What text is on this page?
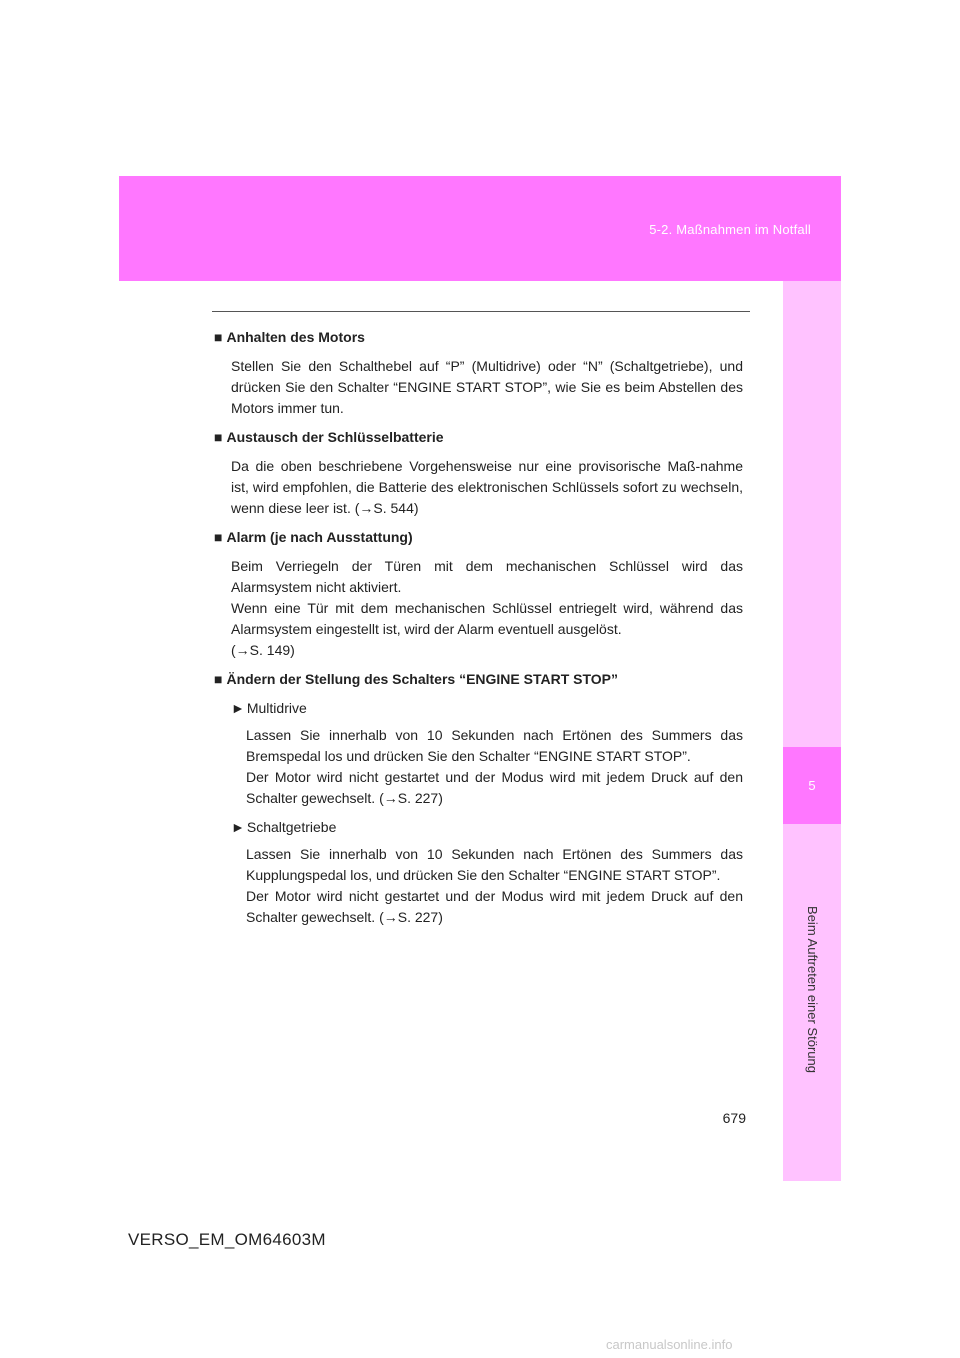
5-2. Maßnahmen im Notfall
5
Beim Auftreten einer Störung
■ Anhalten des Motors

Stellen Sie den Schalthebel auf “P” (Multidrive) oder “N” (Schaltgetriebe), und drücken Sie den Schalter “ENGINE START STOP”, wie Sie es beim Abstellen des Motors immer tun.

■ Austausch der Schlüsselbatterie

Da die oben beschriebene Vorgehensweise nur eine provisorische Maß-nahme ist, wird empfohlen, die Batterie des elektronischen Schlüssels sofort zu wechseln, wenn diese leer ist. (→S. 544)

■ Alarm (je nach Ausstattung)

Beim Verriegeln der Türen mit dem mechanischen Schlüssel wird das Alarmsystem nicht aktiviert.

Wenn eine Tür mit dem mechanischen Schlüssel entriegelt wird, während das Alarmsystem eingestellt ist, wird der Alarm eventuell ausgelöst.

(→S. 149)

■ Ändern der Stellung des Schalters “ENGINE START STOP”
► Multidrive

Lassen Sie innerhalb von 10 Sekunden nach Ertönen des Summers das Bremspedal los und drücken Sie den Schalter “ENGINE START STOP”.

Der Motor wird nicht gestartet und der Modus wird mit jedem Druck auf den Schalter gewechselt. (→S. 227)

► Schaltgetriebe

Lassen Sie innerhalb von 10 Sekunden nach Ertönen des Summers das Kupplungspedal los, und drücken Sie den Schalter “ENGINE START STOP”.

Der Motor wird nicht gestartet und der Modus wird mit jedem Druck auf den Schalter gewechselt. (→S. 227)

679
VERSO_EM_OM64603M
carmanualsonline.info
